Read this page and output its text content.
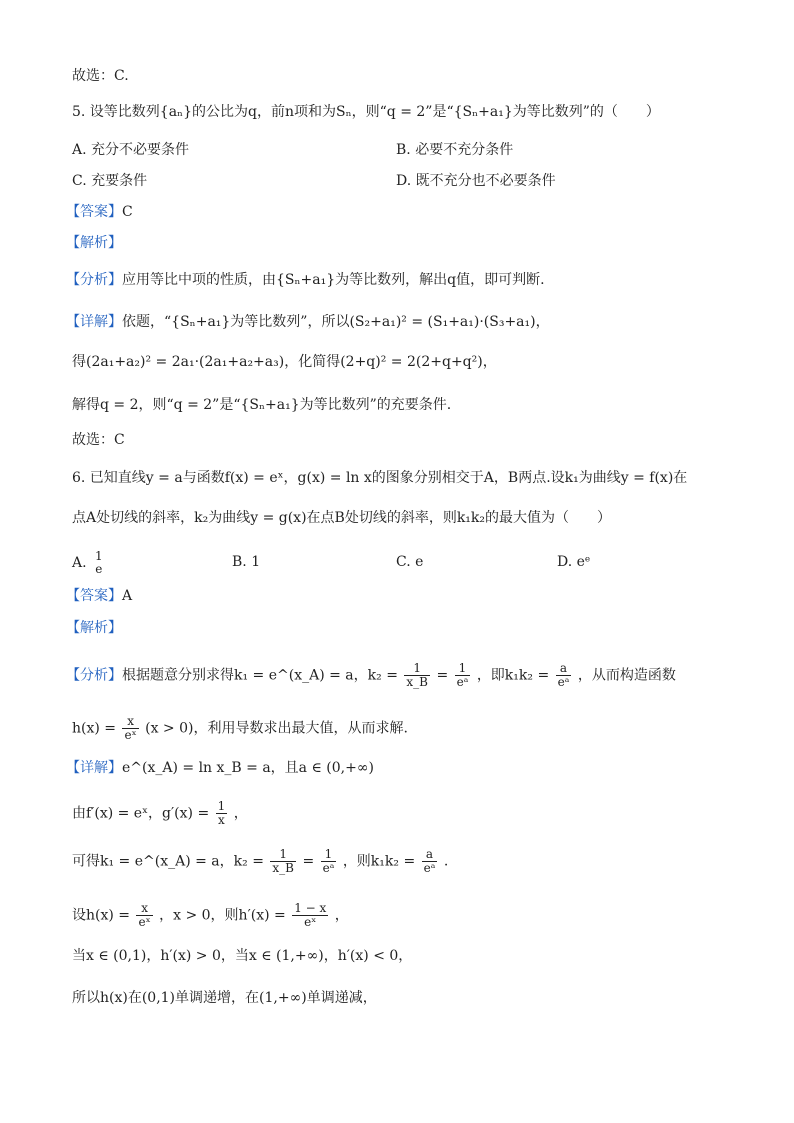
故选：C.
5. 设等比数列{aₙ}的公比为q，前n项和为Sₙ，则“q = 2”是“{Sₙ+a₁}为等比数列”的（　　）
A. 充分不必要条件	B. 必要不充分条件
C. 充要条件	D. 既不充分也不必要条件
【答案】C
【解析】
【分析】应用等比中项的性质，由{Sₙ+a₁}为等比数列，解出q值，即可判断.
【详解】依题，“{Sₙ+a₁}为等比数列”，所以(S₂+a₁)² = (S₁+a₁)·(S₃+a₁)，
得(2a₁+a₂)² = 2a₁·(2a₁+a₂+a₃)，化简得(2+q)² = 2(2+q+q²)，
解得q = 2，则“q = 2”是“{Sₙ+a₁}为等比数列”的充要条件.
故选：C
6. 已知直线y = a与函数f(x) = eˣ，g(x) = ln x的图象分别相交于A，B两点.设k₁为曲线y = f(x)在
点A处切线的斜率，k₂为曲线y = g(x)在点B处切线的斜率，则k₁k₂的最大值为（　　）
A. 1
e	B. 1	C. e	D. eᵉ
【答案】A
【解析】
【分析】根据题意分别求得k₁ = e^(x_A) = a，$k_2 = \frac{1}{x\_B} = \frac{1}{\text{eᵃ}}$ ，即$k_1k_2 = \frac{a}{\text{eᵃ}}$ ，从而构造函数
$h(x) = \frac{x}{\text{eˣ}} (x > 0)$，利用导数求出最大值，从而求解.
【详解】e^(x_A) = ln x_B = a，且a ∈ (0,+∞)
由f′(x) = eˣ，$g'(x) = \frac{1}{x}$ ，
可得k₁ = e^(x_A) = a，$k_2 = \frac{1}{x\_B} = \frac{1}{\text{eᵃ}}$ ，则$k_1k_2 = \frac{a}{\text{eᵃ}}$ .
设$h(x) = \frac{x}{\text{eˣ}}$ ，x > 0，则$h'(x) = \frac{1 - x}{\text{eˣ}}$ ，
当x ∈ (0,1)，h′(x) > 0，当x ∈ (1,+∞)，h′(x) < 0，
所以h(x)在(0,1)单调递增，在(1,+∞)单调递减，
